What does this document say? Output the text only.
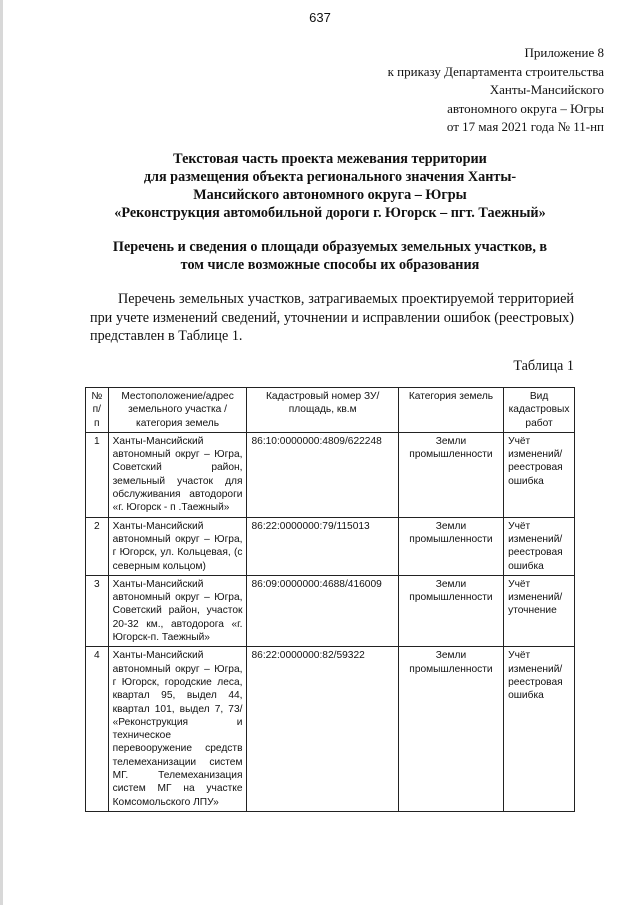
637
Приложение 8
к приказу Департамента строительства
Ханты-Мансийского
автономного округа – Югры
от 17 мая 2021 года № 11-нп
Текстовая часть проекта межевания территории
для размещения объекта регионального значения Ханты-
Мансийского автономного округа – Югры
«Реконструкция автомобильной дороги г. Югорск – пгт. Таежный»
Перечень и сведения о площади образуемых земельных участков, в
том числе возможные способы их образования

Перечень земельных участков, затрагиваемых проектируемой территорией при учете изменений сведений, уточнении и исправлении ошибок (реестровых) представлен в Таблице 1.

Таблица 1
№ п/п	Местоположение/адрес земельного участка /категория земель	Кадастровый номер ЗУ/площадь, кв.м	Категория земель	Вид кадастровых работ
1	Ханты-Мансийский автономный округ – Югра, Советский район, земельный участок для обслуживания автодороги «г. Югорск - п .Таежный»	86:10:0000000:4809/622248	Земли промышленности	Учёт изменений/ реестровая ошибка
2	Ханты-Мансийский автономный округ – Югра, г Югорск, ул. Кольцевая, (с северным кольцом)	86:22:0000000:79/115013	Земли промышленности	Учёт изменений/ реестровая ошибка
3	Ханты-Мансийский автономный округ – Югра, Советский район, участок 20-32 км., автодорога «г. Югорск-п. Таежный»	86:09:0000000:4688/416009	Земли промышленности	Учёт изменений/ уточнение
4	Ханты-Мансийский автономный округ – Югра, г Югорск, городские леса, квартал 95, выдел 44, квартал 101, выдел 7, 73/ «Реконструкция и техническое перевооружение средств телемеханизации систем МГ. Телемеханизация систем МГ на участке Комсомольского ЛПУ»	86:22:0000000:82/59322	Земли промышленности	Учёт изменений/ реестровая ошибка
